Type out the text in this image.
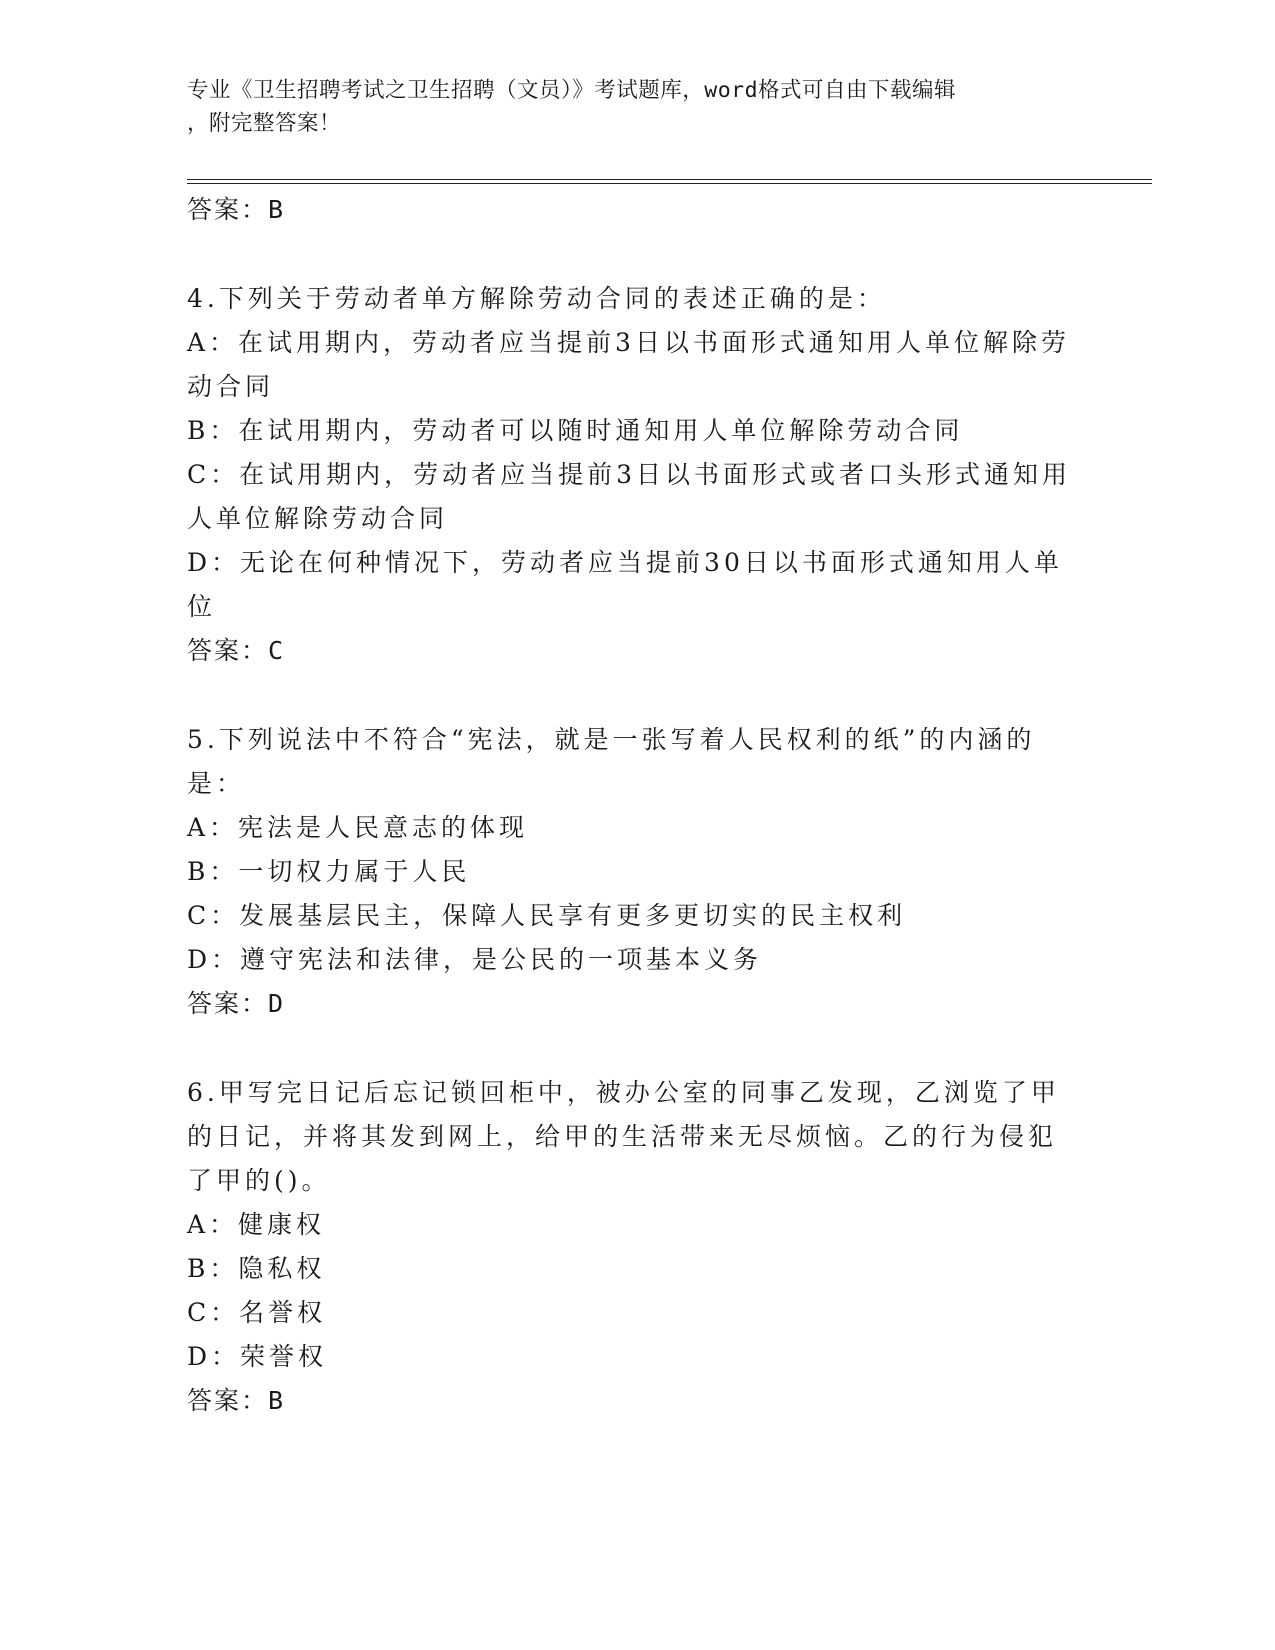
专业《卫生招聘考试之卫生招聘（文员）》考试题库，word格式可自由下载编辑
，附完整答案！
答案：B
4.下列关于劳动者单方解除劳动合同的表述正确的是：
A：在试用期内，劳动者应当提前3日以书面形式通知用人单位解除劳
动合同
B：在试用期内，劳动者可以随时通知用人单位解除劳动合同
C：在试用期内，劳动者应当提前3日以书面形式或者口头形式通知用
人单位解除劳动合同
D：无论在何种情况下，劳动者应当提前30日以书面形式通知用人单
位
答案：C
5.下列说法中不符合“宪法，就是一张写着人民权利的纸”的内涵的
是：
A：宪法是人民意志的体现
B：一切权力属于人民
C：发展基层民主，保障人民享有更多更切实的民主权利
D：遵守宪法和法律，是公民的一项基本义务
答案：D
6.甲写完日记后忘记锁回柜中，被办公室的同事乙发现，乙浏览了甲
的日记，并将其发到网上，给甲的生活带来无尽烦恼。乙的行为侵犯
了甲的()。
A：健康权
B：隐私权
C：名誉权
D：荣誉权
答案：B
